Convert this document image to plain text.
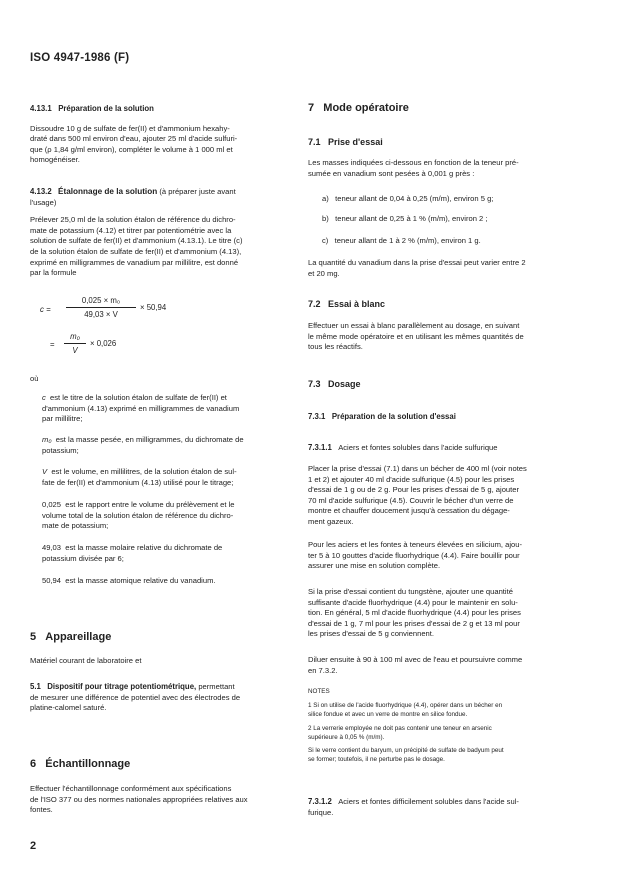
ISO 4947-1986 (F)

4.13.1 Préparation de la solution

Dissoudre 10 g de sulfate de fer(II) et d'ammonium hexahy-

draté dans 500 ml environ d'eau, ajouter 25 ml d'acide sulfuri-

que (ρ 1,84 g/ml environ), compléter le volume à 1 000 ml et

homogénéiser.

4.13.2 Étalonnage de la solution (à préparer juste avant

l'usage)

Prélever 25,0 ml de la solution étalon de référence du dichro-

mate de potassium (4.12) et titrer par potentiométrie avec la

solution de sulfate de fer(II) et d'ammonium (4.13.1). Le titre (c)

de la solution étalon de sulfate de fer(II) et d'ammonium (4.13),

exprimé en milligrammes de vanadium par millilitre, est donné

par la formule

c =
0,025 × m₀
49,03 × V
× 50,94
=
m₀
V
× 0,026
où
c est le titre de la solution étalon de sulfate de fer(II) et
d'ammonium (4.13) exprimé en milligrammes de vanadium
par millilitre;
m₀ est la masse pesée, en milligrammes, du dichromate de
potassium;
V est le volume, en millilitres, de la solution étalon de sul-
fate de fer(II) et d'ammonium (4.13) utilisé pour le titrage;
0,025 est le rapport entre le volume du prélèvement et le
volume total de la solution étalon de référence du dichro-
mate de potassium;
49,03 est la masse molaire relative du dichromate de
potassium divisée par 6;
50,94 est la masse atomique relative du vanadium.
5 Appareillage
Matériel courant de laboratoire et

5.1 Dispositif pour titrage potentiométrique, permettant

de mesurer une différence de potentiel avec des électrodes de

platine-calomel saturé.

6 Échantillonnage

Effectuer l'échantillonnage conformément aux spécifications

de l'ISO 377 ou des normes nationales appropriées relatives aux

fontes.

2
7 Mode opératoire
7.1 Prise d'essai

Les masses indiquées ci-dessous en fonction de la teneur pré-

sumée en vanadium sont pesées à 0,001 g près :

a) teneur allant de 0,04 à 0,25 (m/m), environ 5 g;
b) teneur allant de 0,25 à 1 % (m/m), environ 2 ;
c) teneur allant de 1 à 2 % (m/m), environ 1 g.

La quantité du vanadium dans la prise d'essai peut varier entre 2

et 20 mg.

7.2 Essai à blanc

Effectuer un essai à blanc parallèlement au dosage, en suivant

le même mode opératoire et en utilisant les mêmes quantités de

tous les réactifs.

7.3 Dosage
7.3.1 Préparation de la solution d'essai
7.3.1.1 Aciers et fontes solubles dans l'acide sulfurique

Placer la prise d'essai (7.1) dans un bécher de 400 ml (voir notes

1 et 2) et ajouter 40 ml d'acide sulfurique (4.5) pour les prises

d'essai de 1 g ou de 2 g. Pour les prises d'essai de 5 g, ajouter

70 ml d'acide sulfurique (4.5). Couvrir le bécher d'un verre de

montre et chauffer doucement jusqu'à cessation du dégage-

ment gazeux.

Pour les aciers et les fontes à teneurs élevées en silicium, ajou-

ter 5 à 10 gouttes d'acide fluorhydrique (4.4). Faire bouillir pour

assurer une mise en solution complète.

Si la prise d'essai contient du tungstène, ajouter une quantité

suffisante d'acide fluorhydrique (4.4) pour le maintenir en solu-

tion. En général, 5 ml d'acide fluorhydrique (4.4) pour les prises

d'essai de 1 g, 7 ml pour les prises d'essai de 2 g et 13 ml pour

les prises d'essai de 5 g conviennent.

Diluer ensuite à 90 à 100 ml avec de l'eau et poursuivre comme

en 7.3.2.

NOTES

1 Si on utilise de l'acide fluorhydrique (4.4), opérer dans un bécher en

silice fondue et avec un verre de montre en silice fondue.

2 La verrerie employée ne doit pas contenir une teneur en arsenic

supérieure à 0,05 % (m/m).

Si le verre contient du baryum, un précipité de sulfate de badyum peut

se former; toutefois, il ne perturbe pas le dosage.

7.3.1.2 Aciers et fontes difficilement solubles dans l'acide sul-

furique.
